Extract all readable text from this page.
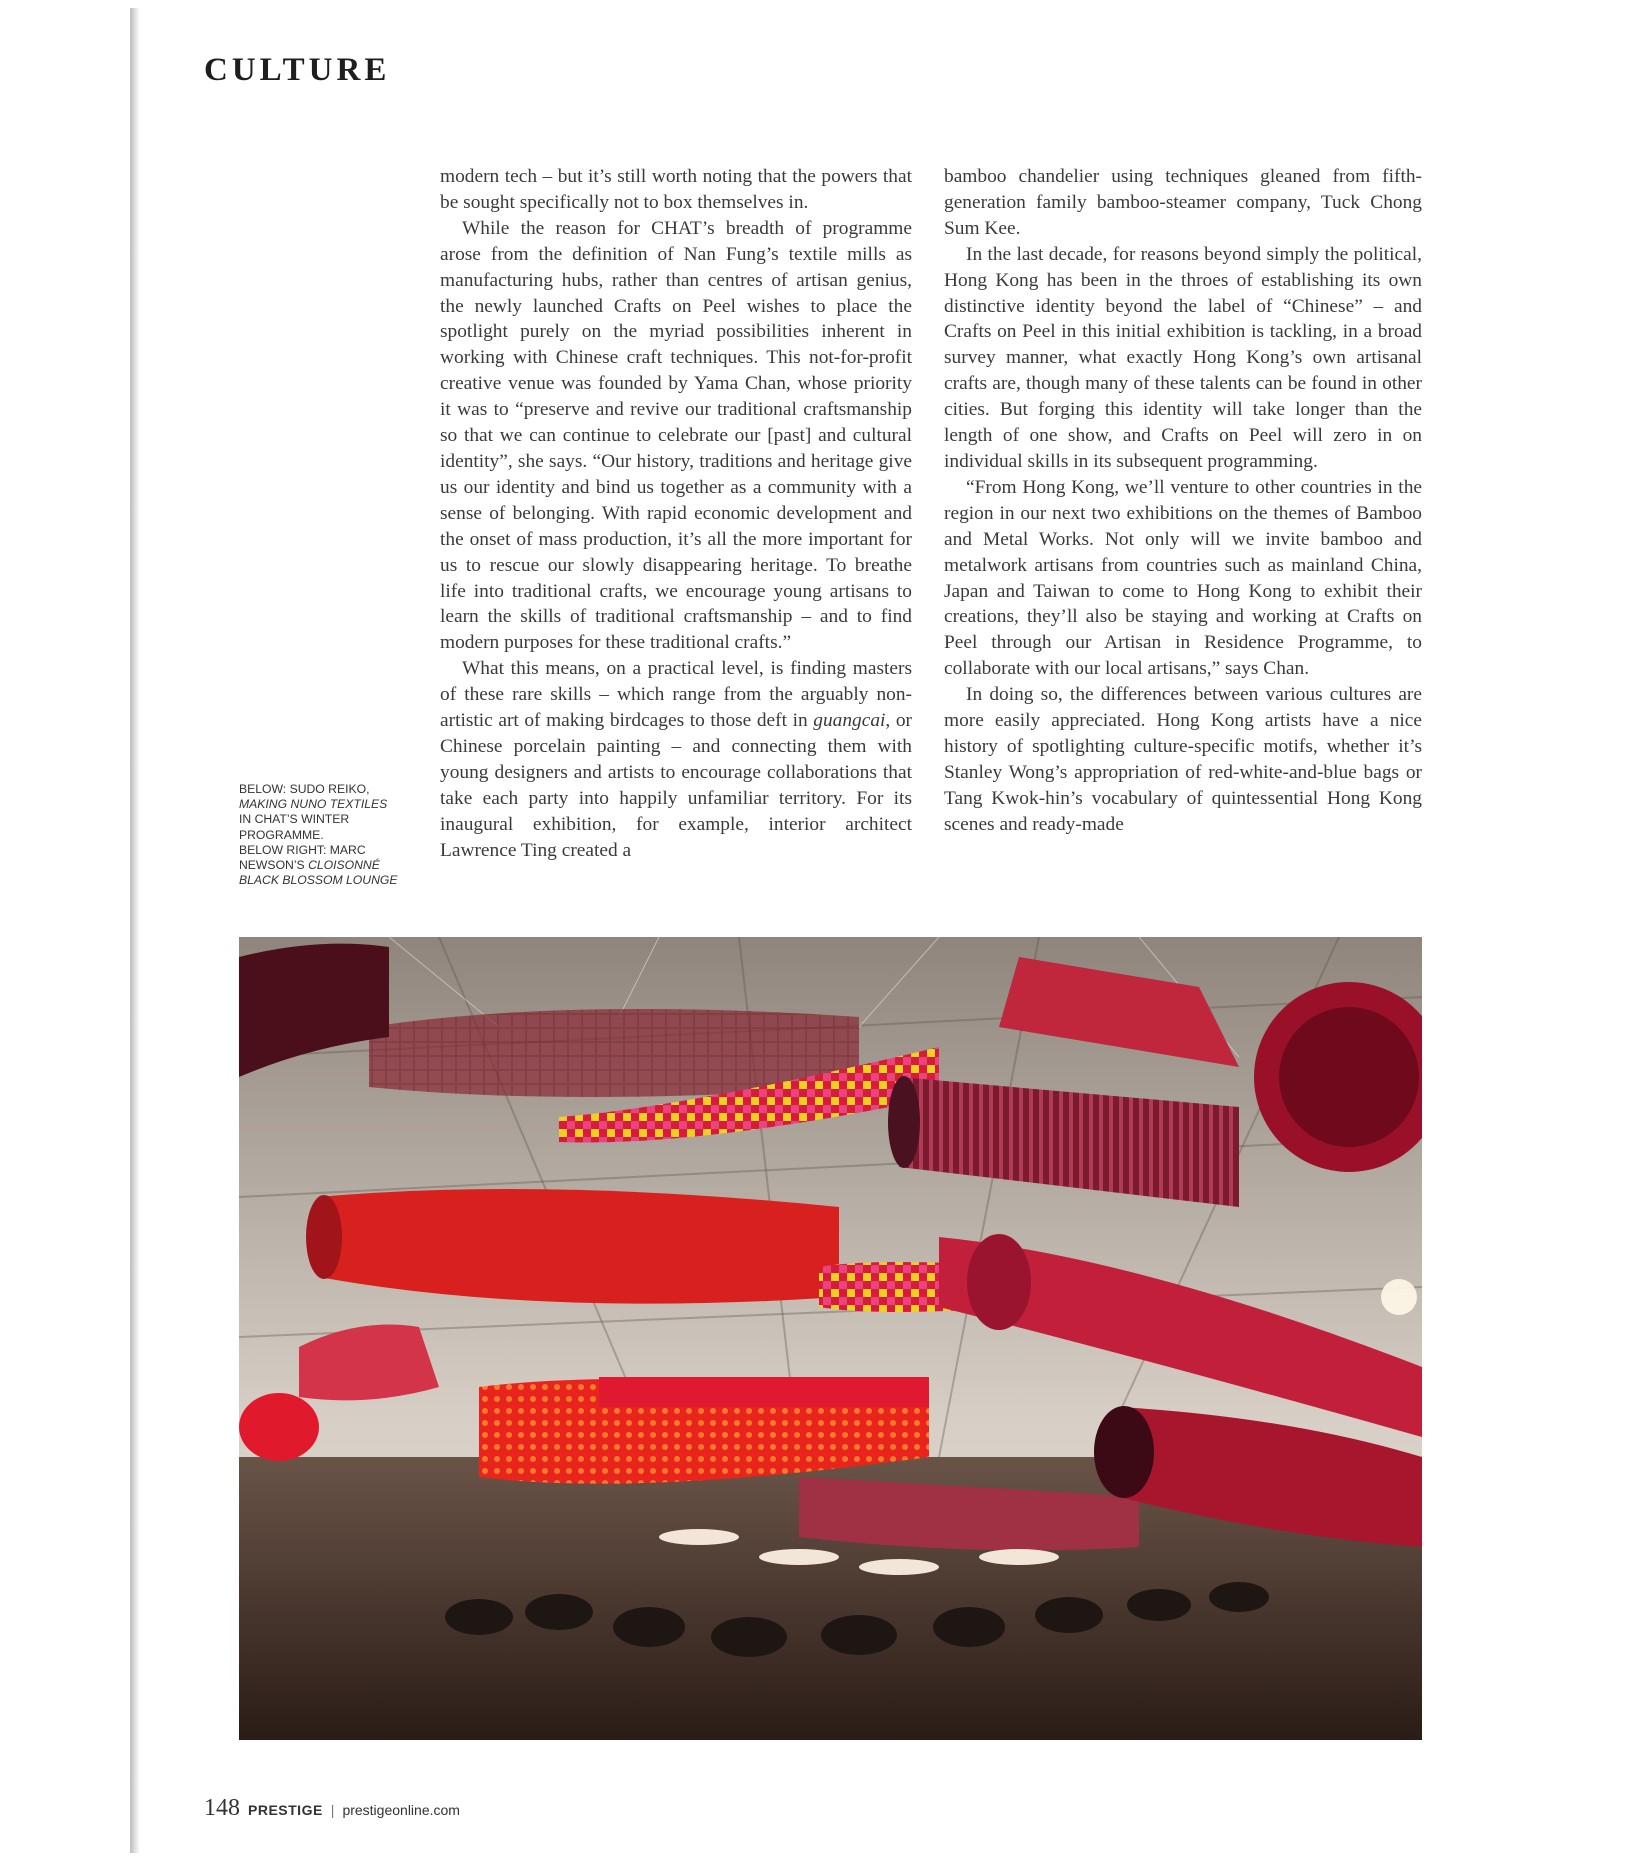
CULTURE

modern tech – but it’s still worth noting that the powers that be sought specifically not to box themselves in.

While the reason for CHAT’s breadth of programme arose from the definition of Nan Fung’s textile mills as manufacturing hubs, rather than centres of artisan genius, the newly launched Crafts on Peel wishes to place the spotlight purely on the myriad possibilities inherent in working with Chinese craft techniques. This not-for-profit creative venue was founded by Yama Chan, whose priority it was to “preserve and revive our traditional craftsmanship so that we can continue to celebrate our [past] and cultural identity”, she says. “Our history, traditions and heritage give us our identity and bind us together as a community with a sense of belonging. With rapid economic development and the onset of mass production, it’s all the more important for us to rescue our slowly disappearing heritage. To breathe life into traditional crafts, we encourage young artisans to learn the skills of traditional craftsmanship – and to find modern purposes for these traditional crafts.”

What this means, on a practical level, is finding masters of these rare skills – which range from the arguably non-artistic art of making birdcages to those deft in guangcai, or Chinese porcelain painting – and connecting them with young designers and artists to encourage collaborations that take each party into happily unfamiliar territory. For its inaugural exhibition, for example, interior architect Lawrence Ting created a

bamboo chandelier using techniques gleaned from fifth-generation family bamboo-steamer company, Tuck Chong Sum Kee.

In the last decade, for reasons beyond simply the political, Hong Kong has been in the throes of establishing its own distinctive identity beyond the label of “Chinese” – and Crafts on Peel in this initial exhibition is tackling, in a broad survey manner, what exactly Hong Kong’s own artisanal crafts are, though many of these talents can be found in other cities. But forging this identity will take longer than the length of one show, and Crafts on Peel will zero in on individual skills in its subsequent programming.

“From Hong Kong, we’ll venture to other countries in the region in our next two exhibitions on the themes of Bamboo and Metal Works. Not only will we invite bamboo and metalwork artisans from countries such as mainland China, Japan and Taiwan to come to Hong Kong to exhibit their creations, they’ll also be staying and working at Crafts on Peel through our Artisan in Residence Programme, to collaborate with our local artisans,” says Chan.

In doing so, the differences between various cultures are more easily appreciated. Hong Kong artists have a nice history of spotlighting culture-specific motifs, whether it’s Stanley Wong’s appropriation of red-white-and-blue bags or Tang Kwok-hin’s vocabulary of quintessential Hong Kong scenes and ready-made

BELOW: SUDO REIKO,
MAKING NUNO TEXTILES
IN CHAT’S WINTER PROGRAMME.
BELOW RIGHT: MARC NEWSON’S CLOISONNÉ BLACK BLOSSOM LOUNGE
148 PRESTIGE | prestigeonline.com
